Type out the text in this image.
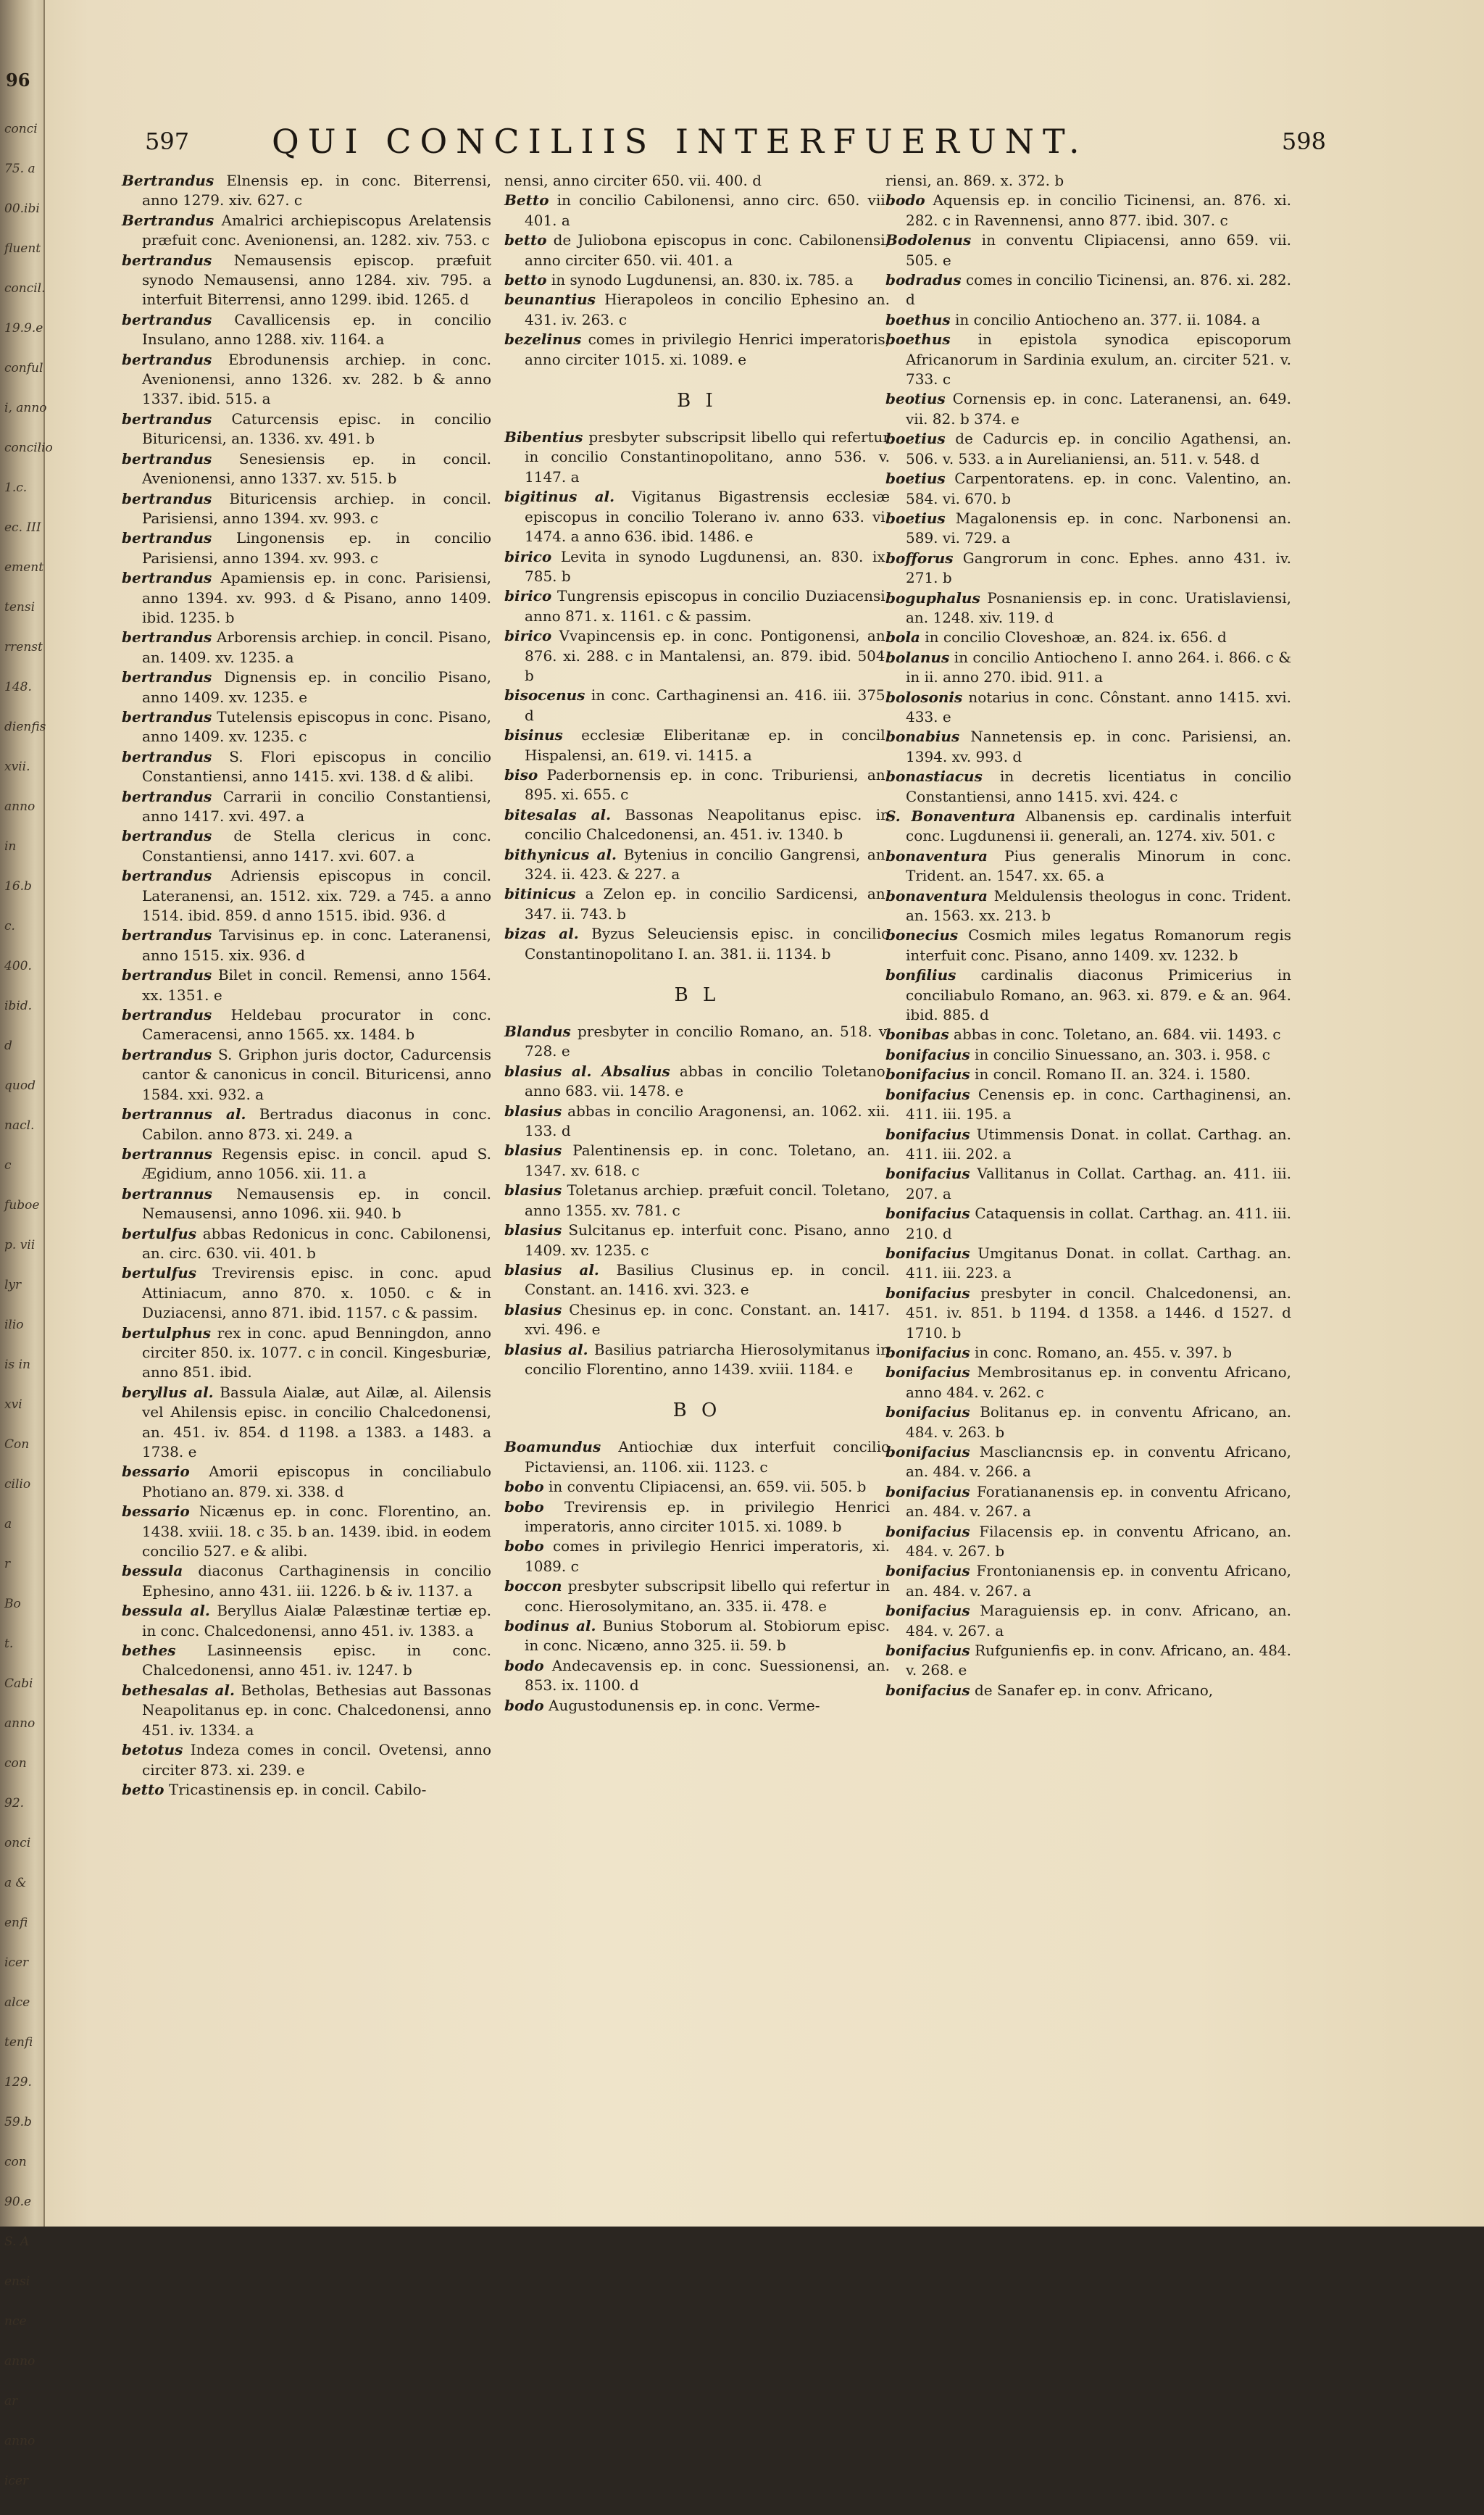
96
conci
75. a
00.ibi
fluent
concil.
19.9.e
conful
i, anno
concilio
1.c.
ec. III
ement
tensi
rrenst
148.
dienfis
xvii.
anno
in
16.b
c.
400.
ibid.
d
quod
nacl.
c
fuboe
p. vii
lyr
ilio
is in
xvi
Con
cilio
a
r
Bo
t.
Cabi
anno
con
92.
onci
a &
enfi
icer
alce
tenfi
129.
59.b
con
90.e
S. A
ensi
nce
anno
ar
anno
icer
597 QUI CONCILIIS INTERFUERUNT.	598
Bertrandus Elnensis ep. in conc. Biterrensi, anno 1279. xiv. 627. c
Bertrandus Amalrici archiepiscopus Arelatensis præfuit conc. Avenionensi, an. 1282. xiv. 753. c
bertrandus Nemausensis episcop. præfuit synodo Nemausensi, anno 1284. xiv. 795. a interfuit Biterrensi, anno 1299. ibid. 1265. d
bertrandus Cavallicensis ep. in concilio Insulano, anno 1288. xiv. 1164. a
bertrandus Ebrodunensis archiep. in conc. Avenionensi, anno 1326. xv. 282. b & anno 1337. ibid. 515. a
bertrandus Caturcensis episc. in concilio Bituricensi, an. 1336. xv. 491. b
bertrandus Senesiensis ep. in concil. Avenionensi, anno 1337. xv. 515. b
bertrandus Bituricensis archiep. in concil. Parisiensi, anno 1394. xv. 993. c
bertrandus Lingonensis ep. in concilio Parisiensi, anno 1394. xv. 993. c
bertrandus Apamiensis ep. in conc. Parisiensi, anno 1394. xv. 993. d & Pisano, anno 1409. ibid. 1235. b
bertrandus Arborensis archiep. in concil. Pisano, an. 1409. xv. 1235. a
bertrandus Dignensis ep. in concilio Pisano, anno 1409. xv. 1235. e
bertrandus Tutelensis episcopus in conc. Pisano, anno 1409. xv. 1235. c
bertrandus S. Flori episcopus in concilio Constantiensi, anno 1415. xvi. 138. d & alibi.
bertrandus Carrarii in concilio Constantiensi, anno 1417. xvi. 497. a
bertrandus de Stella clericus in conc. Constantiensi, anno 1417. xvi. 607. a
bertrandus Adriensis episcopus in concil. Lateranensi, an. 1512. xix. 729. a 745. a anno 1514. ibid. 859. d anno 1515. ibid. 936. d
bertrandus Tarvisinus ep. in conc. Lateranensi, anno 1515. xix. 936. d
bertrandus Bilet in concil. Remensi, anno 1564. xx. 1351. e
bertrandus Heldebau procurator in conc. Cameracensi, anno 1565. xx. 1484. b
bertrandus S. Griphon juris doctor, Cadurcensis cantor & canonicus in concil. Bituricensi, anno 1584. xxi. 932. a
bertrannus al. Bertradus diaconus in conc. Cabilon. anno 873. xi. 249. a
bertrannus Regensis episc. in concil. apud S. Ægidium, anno 1056. xii. 11. a
bertrannus Nemausensis ep. in concil. Nemausensi, anno 1096. xii. 940. b
bertulfus abbas Redonicus in conc. Cabilonensi, an. circ. 630. vii. 401. b
bertulfus Trevirensis episc. in conc. apud Attiniacum, anno 870. x. 1050. c & in Duziacensi, anno 871. ibid. 1157. c & passim.
bertulphus rex in conc. apud Benningdon, anno circiter 850. ix. 1077. c in concil. Kingesburiæ, anno 851. ibid.
beryllus al. Bassula Aialæ, aut Ailæ, al. Ailensis vel Ahilensis episc. in concilio Chalcedonensi, an. 451. iv. 854. d 1198. a 1383. a 1483. a 1738. e
bessario Amorii episcopus in conciliabulo Photiano an. 879. xi. 338. d
bessario Nicænus ep. in conc. Florentino, an. 1438. xviii. 18. c 35. b an. 1439. ibid. in eodem concilio 527. e & alibi.
bessula diaconus Carthaginensis in concilio Ephesino, anno 431. iii. 1226. b & iv. 1137. a
bessula al. Beryllus Aialæ Palæstinæ tertiæ ep. in conc. Chalcedonensi, anno 451. iv. 1383. a
bethes Lasinneensis episc. in conc. Chalcedonensi, anno 451. iv. 1247. b
bethesalas al. Betholas, Bethesias aut Bassonas Neapolitanus ep. in conc. Chalcedonensi, anno 451. iv. 1334. a
betotus Indeza comes in concil. Ovetensi, anno circiter 873. xi. 239. e
betto Tricastinensis ep. in concil. Cabilo-
nensi, anno circiter 650. vii. 400. d
Betto in concilio Cabilonensi, anno circ. 650. vii. 401. a
betto de Juliobona episcopus in conc. Cabilonensi, anno circiter 650. vii. 401. a
betto in synodo Lugdunensi, an. 830. ix. 785. a
beunantius Hierapoleos in concilio Ephesino an. 431. iv. 263. c
bezelinus comes in privilegio Henrici imperatoris, anno circiter 1015. xi. 1089. e
B I
Bibentius presbyter subscripsit libello qui refertur in concilio Constantinopolitano, anno 536. v. 1147. a
bigitinus al. Vigitanus Bigastrensis ecclesiæ episcopus in concilio Tolerano iv. anno 633. vi. 1474. a anno 636. ibid. 1486. e
birico Levita in synodo Lugdunensi, an. 830. ix. 785. b
birico Tungrensis episcopus in concilio Duziacensi, anno 871. x. 1161. c & passim.
birico Vvapincensis ep. in conc. Pontigonensi, an. 876. xi. 288. c in Mantalensi, an. 879. ibid. 504. b
bisocenus in conc. Carthaginensi an. 416. iii. 375. d
bisinus ecclesiæ Eliberitanæ ep. in concil. Hispalensi, an. 619. vi. 1415. a
biso Paderbornensis ep. in conc. Triburiensi, an. 895. xi. 655. c
bitesalas al. Bassonas Neapolitanus episc. in concilio Chalcedonensi, an. 451. iv. 1340. b
bithynicus al. Bytenius in concilio Gangrensi, an. 324. ii. 423. & 227. a
bitinicus a Zelon ep. in concilio Sardicensi, an. 347. ii. 743. b
bizas al. Byzus Seleuciensis episc. in concilio Constantinopolitano I. an. 381. ii. 1134. b
B L
Blandus presbyter in concilio Romano, an. 518. v. 728. e
blasius al. Absalius abbas in concilio Toletano, anno 683. vii. 1478. e
blasius abbas in concilio Aragonensi, an. 1062. xii. 133. d
blasius Palentinensis ep. in conc. Toletano, an. 1347. xv. 618. c
blasius Toletanus archiep. præfuit concil. Toletano, anno 1355. xv. 781. c
blasius Sulcitanus ep. interfuit conc. Pisano, anno 1409. xv. 1235. c
blasius al. Basilius Clusinus ep. in concil. Constant. an. 1416. xvi. 323. e
blasius Chesinus ep. in conc. Constant. an. 1417. xvi. 496. e
blasius al. Basilius patriarcha Hierosolymitanus in concilio Florentino, anno 1439. xviii. 1184. e
B O
Boamundus Antiochiæ dux interfuit concilio Pictaviensi, an. 1106. xii. 1123. c
bobo in conventu Clipiacensi, an. 659. vii. 505. b
bobo Trevirensis ep. in privilegio Henrici imperatoris, anno circiter 1015. xi. 1089. b
bobo comes in privilegio Henrici imperatoris, xi. 1089. c
boccon presbyter subscripsit libello qui refertur in conc. Hierosolymitano, an. 335. ii. 478. e
bodinus al. Bunius Stoborum al. Stobiorum episc. in conc. Nicæno, anno 325. ii. 59. b
bodo Andecavensis ep. in conc. Suessionensi, an. 853. ix. 1100. d
bodo Augustodunensis ep. in conc. Verme-
riensi, an. 869. x. 372. b
bodo Aquensis ep. in concilio Ticinensi, an. 876. xi. 282. c in Ravennensi, anno 877. ibid. 307. c
Bodolenus in conventu Clipiacensi, anno 659. vii. 505. e
bodradus comes in concilio Ticinensi, an. 876. xi. 282. d
boethus in concilio Antiocheno an. 377. ii. 1084. a
boethus in epistola synodica episcoporum Africanorum in Sardinia exulum, an. circiter 521. v. 733. c
beotius Cornensis ep. in conc. Lateranensi, an. 649. vii. 82. b 374. e
boetius de Cadurcis ep. in concilio Agathensi, an. 506. v. 533. a in Aurelianiensi, an. 511. v. 548. d
boetius Carpentoratens. ep. in conc. Valentino, an. 584. vi. 670. b
boetius Magalonensis ep. in conc. Narbonensi an. 589. vi. 729. a
bofforus Gangrorum in conc. Ephes. anno 431. iv. 271. b
boguphalus Posnaniensis ep. in conc. Uratislaviensi, an. 1248. xiv. 119. d
bola in concilio Cloveshoæ, an. 824. ix. 656. d
bolanus in concilio Antiocheno I. anno 264. i. 866. c & in ii. anno 270. ibid. 911. a
bolosonis notarius in conc. Cônstant. anno 1415. xvi. 433. e
bonabius Nannetensis ep. in conc. Parisiensi, an. 1394. xv. 993. d
bonastiacus in decretis licentiatus in concilio Constantiensi, anno 1415. xvi. 424. c
S. Bonaventura Albanensis ep. cardinalis interfuit conc. Lugdunensi ii. generali, an. 1274. xiv. 501. c
bonaventura Pius generalis Minorum in conc. Trident. an. 1547. xx. 65. a
bonaventura Meldulensis theologus in conc. Trident. an. 1563. xx. 213. b
bonecius Cosmich miles legatus Romanorum regis interfuit conc. Pisano, anno 1409. xv. 1232. b
bonfilius cardinalis diaconus Primicerius in conciliabulo Romano, an. 963. xi. 879. e & an. 964. ibid. 885. d
bonibas abbas in conc. Toletano, an. 684. vii. 1493. c
bonifacius in concilio Sinuessano, an. 303. i. 958. c
bonifacius in concil. Romano II. an. 324. i. 1580.
bonifacius Cenensis ep. in conc. Carthaginensi, an. 411. iii. 195. a
bonifacius Utimmensis Donat. in collat. Carthag. an. 411. iii. 202. a
bonifacius Vallitanus in Collat. Carthag. an. 411. iii. 207. a
bonifacius Cataquensis in collat. Carthag. an. 411. iii. 210. d
bonifacius Umgitanus Donat. in collat. Carthag. an. 411. iii. 223. a
bonifacius presbyter in concil. Chalcedonensi, an. 451. iv. 851. b 1194. d 1358. a 1446. d 1527. d 1710. b
bonifacius in conc. Romano, an. 455. v. 397. b
bonifacius Membrositanus ep. in conventu Africano, anno 484. v. 262. c
bonifacius Bolitanus ep. in conventu Africano, an. 484. v. 263. b
bonifacius Mascliancnsis ep. in conventu Africano, an. 484. v. 266. a
bonifacius Foratiananensis ep. in conventu Africano, an. 484. v. 267. a
bonifacius Filacensis ep. in conventu Africano, an. 484. v. 267. b
bonifacius Frontonianensis ep. in conventu Africano, an. 484. v. 267. a
bonifacius Maraguiensis ep. in conv. Africano, an. 484. v. 267. a
bonifacius Rufgunienfis ep. in conv. Africano, an. 484. v. 268. e
bonifacius de Sanafer ep. in conv. Africano,
